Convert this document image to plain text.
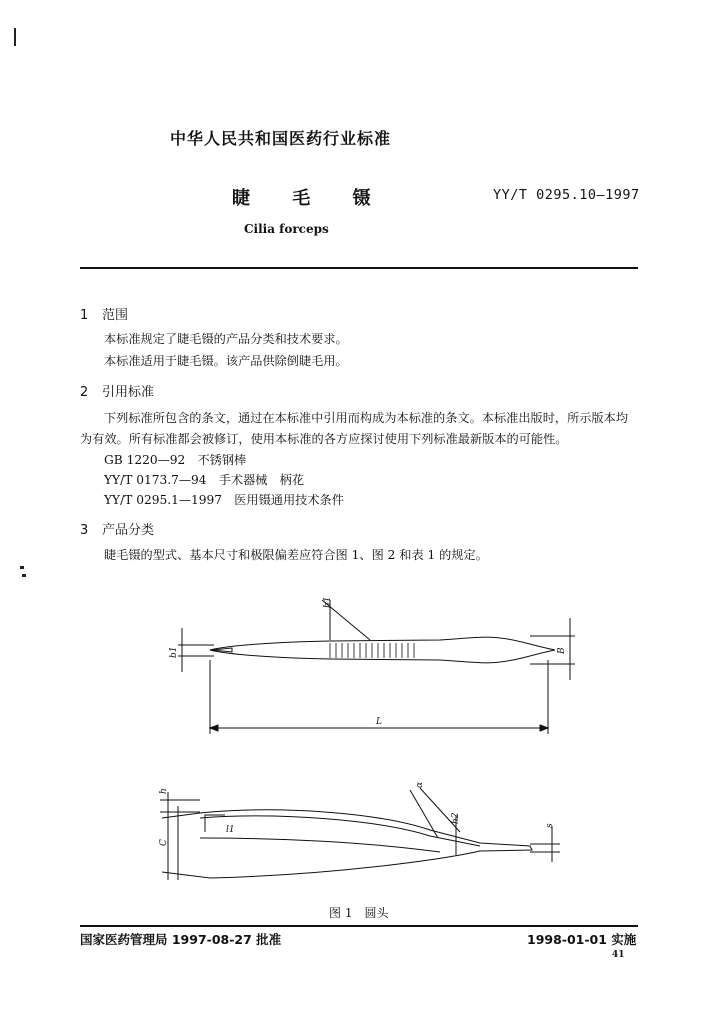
中华人民共和国医药行业标准
睫 毛 镊	YY/T 0295.10—1997
Cilia forceps
1 范围
本标准规定了睫毛镊的产品分类和技术要求。
本标准适用于睫毛镊。该产品供除倒睫毛用。
2 引用标准
下列标准所包含的条文，通过在本标准中引用而构成为本标准的条文。本标准出版时，所示版本均
为有效。所有标准都会被修订，使用本标准的各方应探讨使用下列标准最新版本的可能性。
GB 1220—92　不锈钢棒
YY/T 0173.7—94　手术器械　柄花
YY/T 0295.1—1997　医用镊通用技术条件
3 产品分类
睫毛镊的型式、基本尺寸和极限偏差应符合图 1、图 2 和表 1 的规定。
b1
h1
B
L
h
C
l1
α
h2
s
图 1　圆头
国家医药管理局 1997-08-27 批准	1998-01-01 实施
41
